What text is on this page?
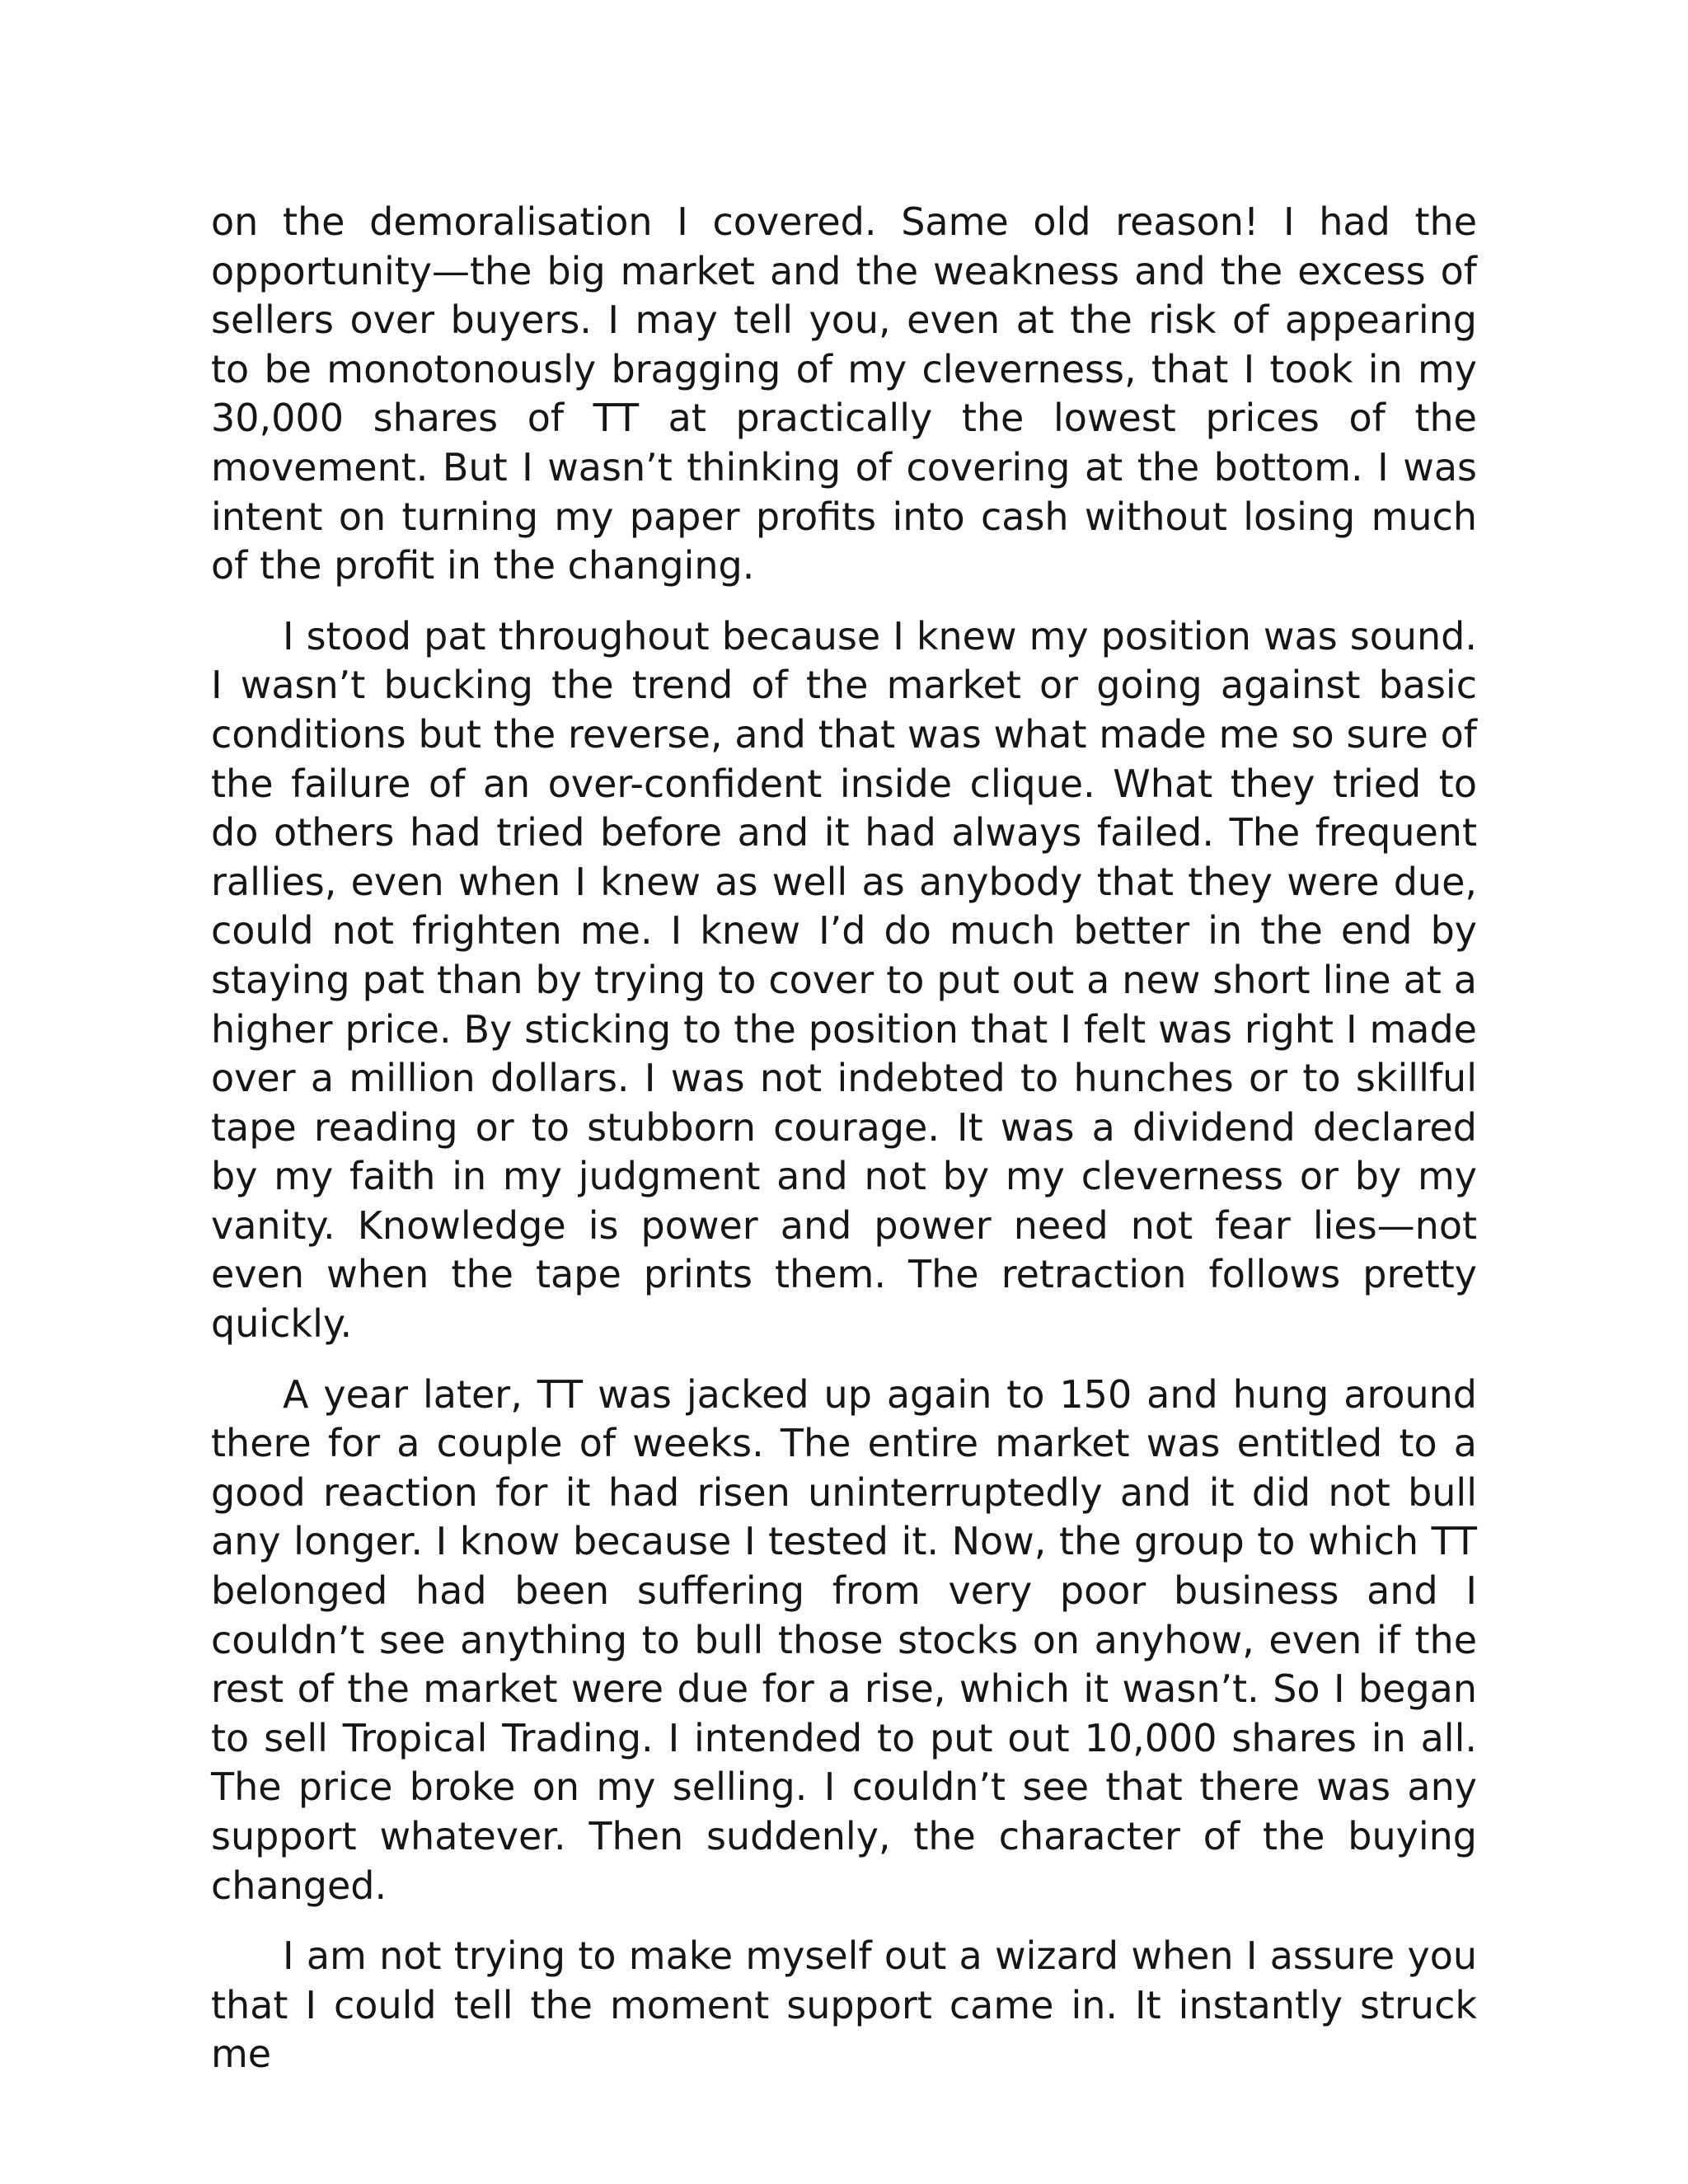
on the demoralisation I covered. Same old reason! I had the opportunity—the big market and the weakness and the excess of sellers over buyers. I may tell you, even at the risk of appearing to be monotonously bragging of my cleverness, that I took in my 30,000 shares of TT at practically the lowest prices of the movement. But I wasn’t thinking of covering at the bottom. I was intent on turning my paper profits into cash without losing much of the profit in the changing.

I stood pat throughout because I knew my position was sound. I wasn’t bucking the trend of the market or going against basic conditions but the reverse, and that was what made me so sure of the failure of an over-confident inside clique. What they tried to do others had tried before and it had always failed. The frequent rallies, even when I knew as well as anybody that they were due, could not frighten me. I knew I’d do much better in the end by staying pat than by trying to cover to put out a new short line at a higher price. By sticking to the position that I felt was right I made over a million dollars. I was not indebted to hunches or to skillful tape reading or to stubborn courage. It was a dividend declared by my faith in my judgment and not by my cleverness or by my vanity. Knowledge is power and power need not fear lies—not even when the tape prints them. The retraction follows pretty quickly.

A year later, TT was jacked up again to 150 and hung around there for a couple of weeks. The entire market was entitled to a good reaction for it had risen uninterruptedly and it did not bull any longer. I know because I tested it. Now, the group to which TT belonged had been suffering from very poor business and I couldn’t see anything to bull those stocks on anyhow, even if the rest of the market were due for a rise, which it wasn’t. So I began to sell Tropical Trading. I intended to put out 10,000 shares in all. The price broke on my selling. I couldn’t see that there was any support whatever. Then suddenly, the character of the buying changed.

I am not trying to make myself out a wizard when I assure you that I could tell the moment support came in. It instantly struck me
